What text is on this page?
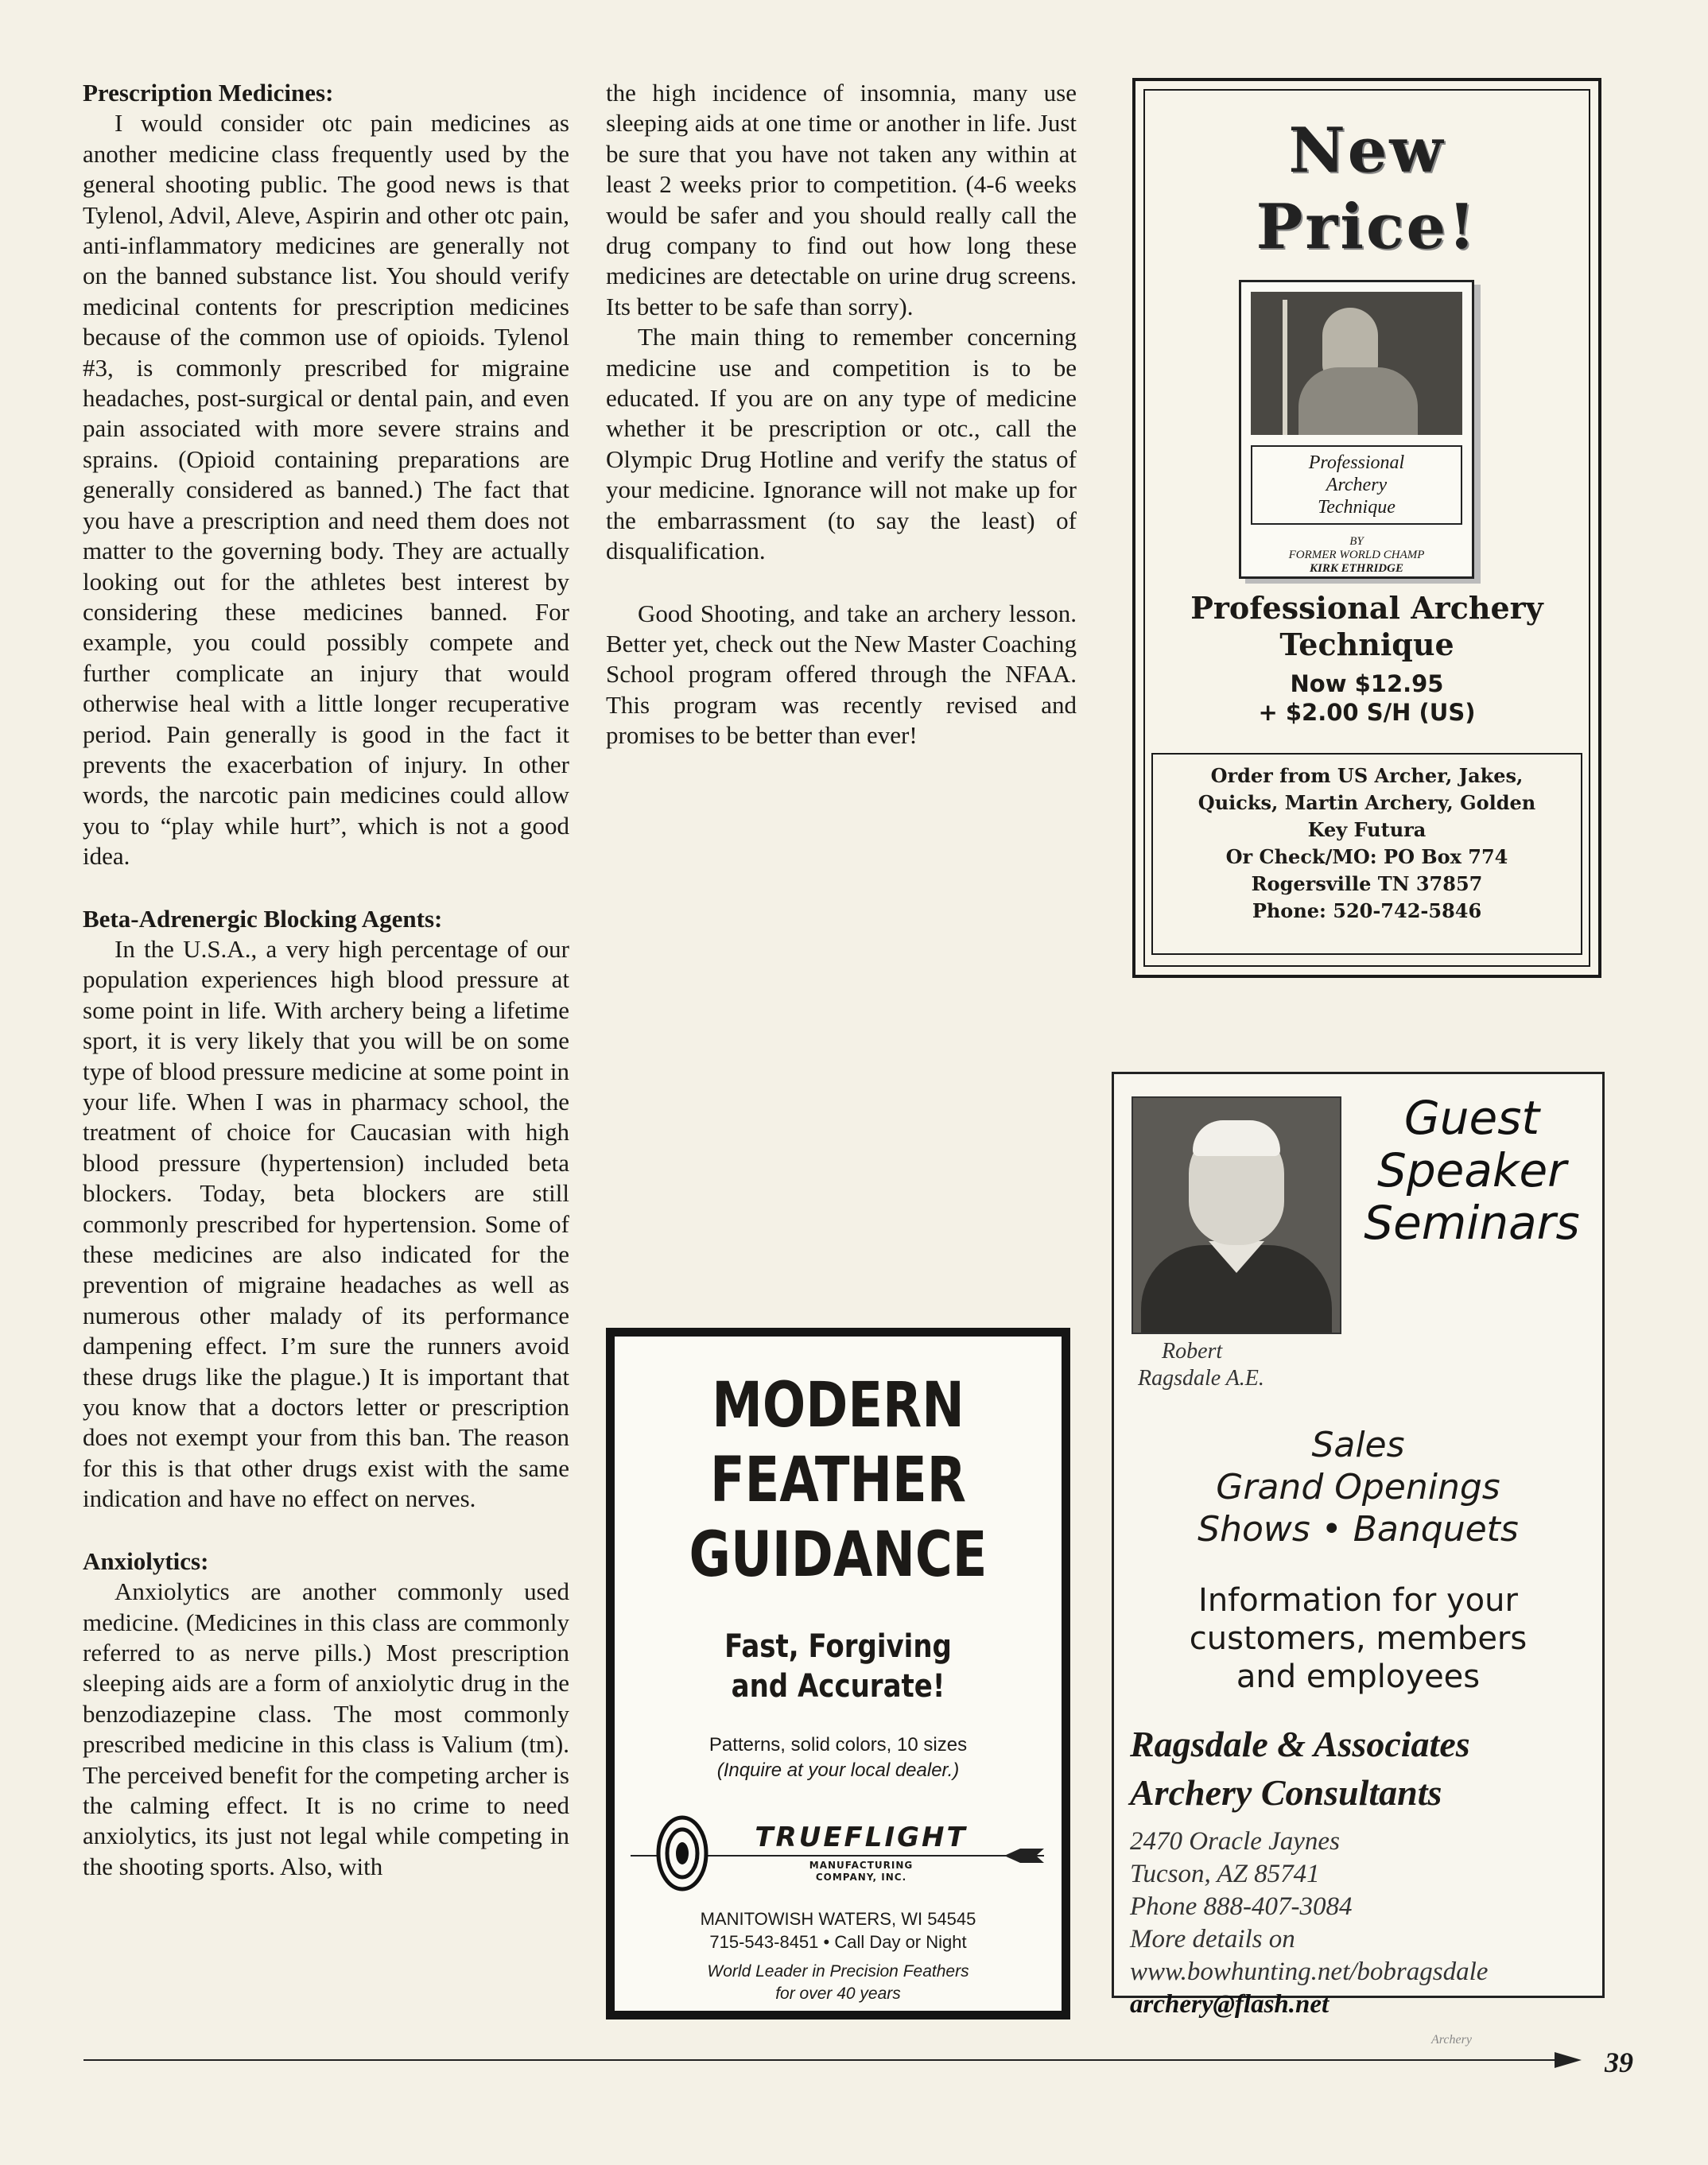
Prescription Medicines:

I would consider otc pain medicines as another medicine class frequently used by the general shooting public. The good news is that Tylenol, Advil, Aleve, Aspirin and other otc pain, anti-inflammatory medicines are generally not on the banned substance list. You should verify medicinal contents for prescription medicines because of the common use of opioids. Tylenol #3, is commonly prescribed for migraine headaches, post-surgical or dental pain, and even pain associated with more severe strains and sprains. (Opioid containing preparations are generally considered as banned.) The fact that you have a prescription and need them does not matter to the governing body. They are actually looking out for the athletes best interest by considering these medicines banned. For example, you could possibly compete and further complicate an injury that would otherwise heal with a little longer recuperative period. Pain generally is good in the fact it prevents the exacerbation of injury. In other words, the narcotic pain medicines could allow you to “play while hurt”, which is not a good idea.

Beta-Adrenergic Blocking Agents:

In the U.S.A., a very high percentage of our population experiences high blood pressure at some point in life. With archery being a lifetime sport, it is very likely that you will be on some type of blood pressure medicine at some point in your life. When I was in pharmacy school, the treatment of choice for Caucasian with high blood pressure (hypertension) included beta blockers. Today, beta blockers are still commonly prescribed for hypertension. Some of these medicines are also indicated for the prevention of migraine headaches as well as numerous other malady of its performance dampening effect. I’m sure the runners avoid these drugs like the plague.) It is important that you know that a doctors letter or prescription does not exempt your from this ban. The reason for this is that other drugs exist with the same indication and have no effect on nerves.

Anxiolytics:

Anxiolytics are another commonly used medicine. (Medicines in this class are commonly referred to as nerve pills.) Most prescription sleeping aids are a form of anxiolytic drug in the benzodiazepine class. The most commonly prescribed medicine in this class is Valium (tm). The perceived benefit for the competing archer is the calming effect. It is no crime to need anxiolytics, its just not legal while competing in the shooting sports. Also, with

the high incidence of insomnia, many use sleeping aids at one time or another in life. Just be sure that you have not taken any within at least 2 weeks prior to competition. (4-6 weeks would be safer and you should really call the drug company to find out how long these medicines are detectable on urine drug screens. Its better to be safe than sorry).

The main thing to remember concerning medicine use and competition is to be educated. If you are on any type of medicine whether it be prescription or otc., call the Olympic Drug Hotline and verify the status of your medicine. Ignorance will not make up for the embarrassment (to say the least) of disqualification.

Good Shooting, and take an archery lesson. Better yet, check out the New Master Coaching School program offered through the NFAA. This program was recently revised and promises to be better than ever!

New
Price!
Professional
Archery
Technique
BY
FORMER WORLD CHAMP
KIRK ETHRIDGE
Professional Archery
Technique
Now $12.95
+ $2.00 S/H (US)

Order from US Archer, Jakes,

Quicks, Martin Archery, Golden

Key Futura

Or Check/MO: PO Box 774

Rogersville TN 37857

Phone: 520-742-5846

Robert
Ragsdale A.E.
Guest
Speaker
Seminars
Sales
Grand Openings
Shows • Banquets
Information for your
customers, members
and employees
Ragsdale & Associates
Archery Consultants
2470 Oracle Jaynes
Tucson, AZ 85741
Phone 888-407-3084
More details on
www.bowhunting.net/bobragsdale
archery@flash.net
MODERN
FEATHER
GUIDANCE
Fast, Forgiving
and Accurate!
Patterns, solid colors, 10 sizes
(Inquire at your local dealer.)
TRUEFLIGHT
MANUFACTURING
COMPANY, INC.
MANITOWISH WATERS, WI 54545
715-543-8451 • Call Day or Night
World Leader in Precision Feathers
for over 40 years
Archery
39
